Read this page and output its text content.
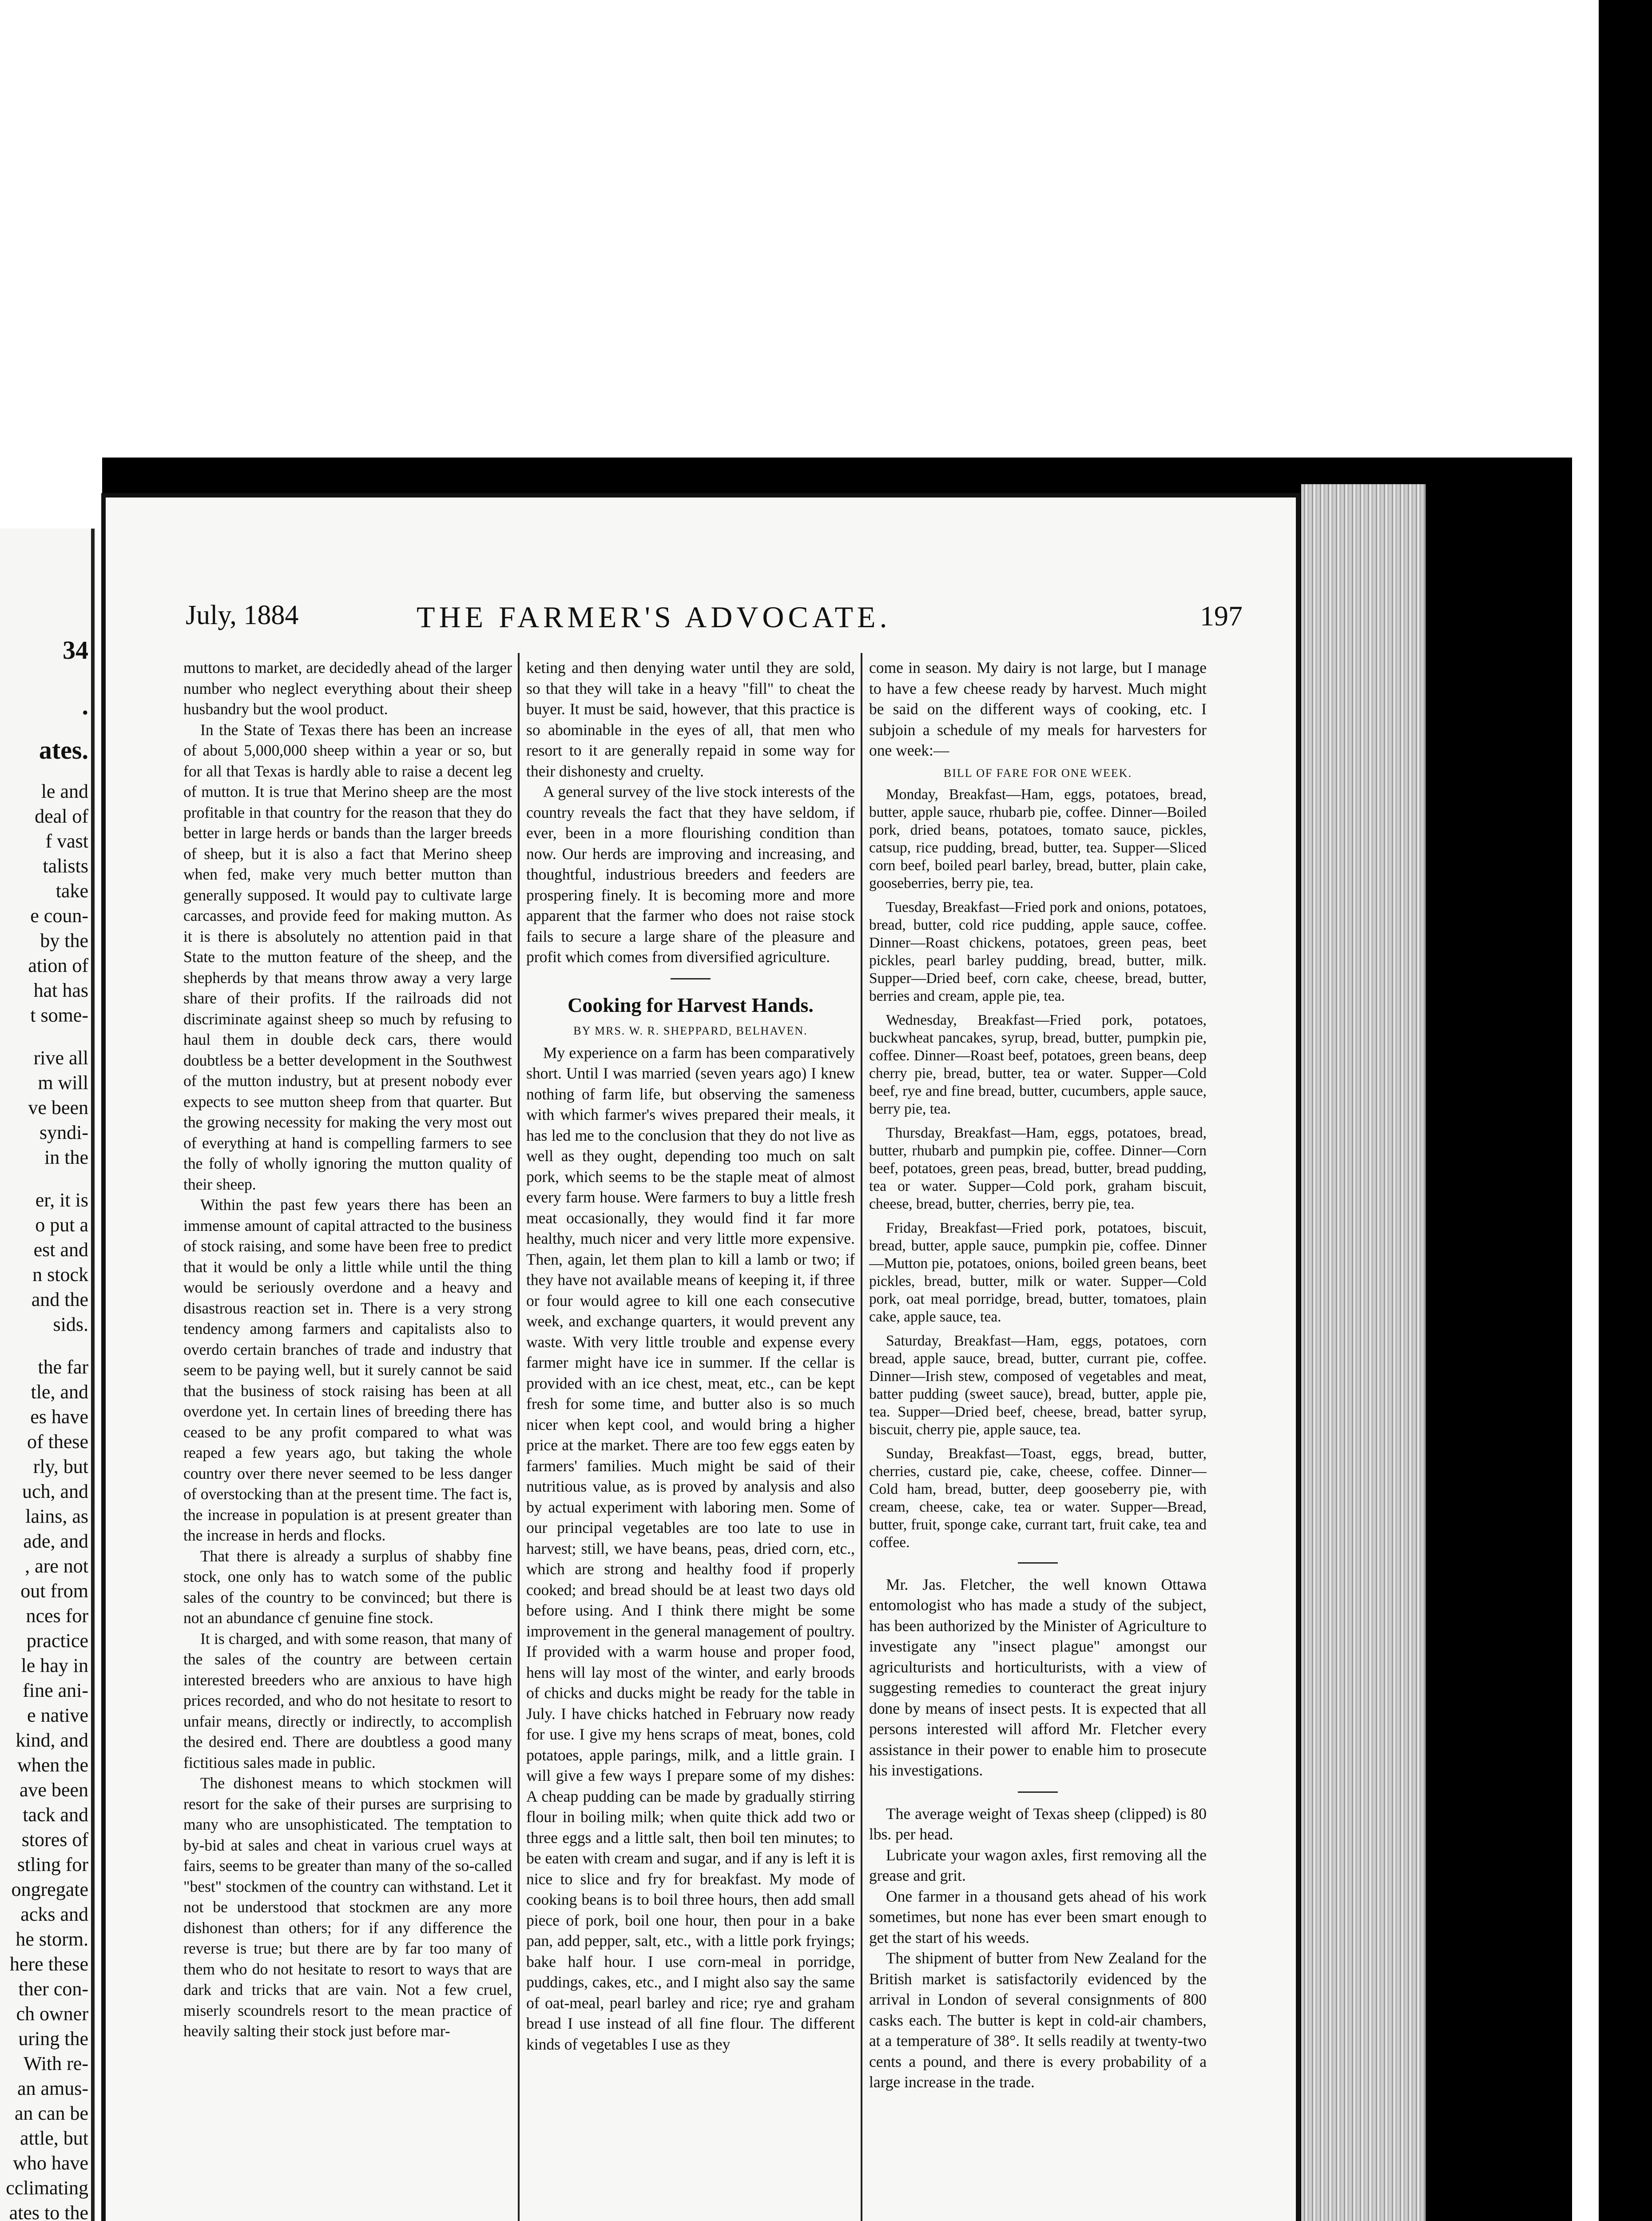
34
.
ates.
le and
deal of
f vast
talists
take
e coun-
by the
ation of
hat has
t some-
rive all
m will
ve been
syndi-
in the
er, it is
o put a
est and
n stock
and the
sids.
the far
tle, and
es have
of these
rly, but
uch, and
lains, as
ade, and
, are not
out from
nces for
practice
le hay in
fine ani-
e native
kind, and
when the
ave been
tack and
stores of
stling for
ongregate
acks and
he storm.
here these
ther con-
ch owner
uring the
With re-
an amus-
an can be
attle, but
who have
cclimating
ates to the
July, 1884	THE FARMER'S ADVOCATE.	197

muttons to market, are decidedly ahead of the larger number who neglect everything about their sheep husbandry but the wool product.

In the State of Texas there has been an increase of about 5,000,000 sheep within a year or so, but for all that Texas is hardly able to raise a decent leg of mutton. It is true that Merino sheep are the most profitable in that country for the reason that they do better in large herds or bands than the larger breeds of sheep, but it is also a fact that Merino sheep when fed, make very much better mutton than generally supposed. It would pay to cultivate large carcasses, and provide feed for making mutton. As it is there is absolutely no attention paid in that State to the mutton feature of the sheep, and the shepherds by that means throw away a very large share of their profits. If the railroads did not discriminate against sheep so much by refusing to haul them in double deck cars, there would doubtless be a better development in the Southwest of the mutton industry, but at present nobody ever expects to see mutton sheep from that quarter. But the growing necessity for making the very most out of everything at hand is compelling farmers to see the folly of wholly ignoring the mutton quality of their sheep.

Within the past few years there has been an immense amount of capital attracted to the business of stock raising, and some have been free to predict that it would be only a little while until the thing would be seriously overdone and a heavy and disastrous reaction set in. There is a very strong tendency among farmers and capitalists also to overdo certain branches of trade and industry that seem to be paying well, but it surely cannot be said that the business of stock raising has been at all overdone yet. In certain lines of breeding there has ceased to be any profit compared to what was reaped a few years ago, but taking the whole country over there never seemed to be less danger of overstocking than at the present time. The fact is, the increase in population is at present greater than the increase in herds and flocks.

That there is already a surplus of shabby fine stock, one only has to watch some of the public sales of the country to be convinced; but there is not an abundance cf genuine fine stock.

It is charged, and with some reason, that many of the sales of the country are between certain interested breeders who are anxious to have high prices recorded, and who do not hesitate to resort to unfair means, directly or indirectly, to accomplish the desired end. There are doubtless a good many fictitious sales made in public.

The dishonest means to which stockmen will resort for the sake of their purses are surprising to many who are unsophisticated. The temptation to by-bid at sales and cheat in various cruel ways at fairs, seems to be greater than many of the so-called "best" stockmen of the country can withstand. Let it not be understood that stockmen are any more dishonest than others; for if any difference the reverse is true; but there are by far too many of them who do not hesitate to resort to ways that are dark and tricks that are vain. Not a few cruel, miserly scoundrels resort to the mean practice of heavily salting their stock just before mar-

keting and then denying water until they are sold, so that they will take in a heavy "fill" to cheat the buyer. It must be said, however, that this practice is so abominable in the eyes of all, that men who resort to it are generally repaid in some way for their dishonesty and cruelty.

A general survey of the live stock interests of the country reveals the fact that they have seldom, if ever, been in a more flourishing condition than now. Our herds are improving and increasing, and thoughtful, industrious breeders and feeders are prospering finely. It is becoming more and more apparent that the farmer who does not raise stock fails to secure a large share of the pleasure and profit which comes from diversified agriculture.

Cooking for Harvest Hands.
BY MRS. W. R. SHEPPARD, BELHAVEN.

My experience on a farm has been comparatively short. Until I was married (seven years ago) I knew nothing of farm life, but observing the sameness with which farmer's wives prepared their meals, it has led me to the conclusion that they do not live as well as they ought, depending too much on salt pork, which seems to be the staple meat of almost every farm house. Were farmers to buy a little fresh meat occasionally, they would find it far more healthy, much nicer and very little more expensive. Then, again, let them plan to kill a lamb or two; if they have not available means of keeping it, if three or four would agree to kill one each consecutive week, and exchange quarters, it would prevent any waste. With very little trouble and expense every farmer might have ice in summer. If the cellar is provided with an ice chest, meat, etc., can be kept fresh for some time, and butter also is so much nicer when kept cool, and would bring a higher price at the market. There are too few eggs eaten by farmers' families. Much might be said of their nutritious value, as is proved by analysis and also by actual experiment with laboring men. Some of our principal vegetables are too late to use in harvest; still, we have beans, peas, dried corn, etc., which are strong and healthy food if properly cooked; and bread should be at least two days old before using. And I think there might be some improvement in the general management of poultry. If provided with a warm house and proper food, hens will lay most of the winter, and early broods of chicks and ducks might be ready for the table in July. I have chicks hatched in February now ready for use. I give my hens scraps of meat, bones, cold potatoes, apple parings, milk, and a little grain. I will give a few ways I prepare some of my dishes: A cheap pudding can be made by gradually stirring flour in boiling milk; when quite thick add two or three eggs and a little salt, then boil ten minutes; to be eaten with cream and sugar, and if any is left it is nice to slice and fry for breakfast. My mode of cooking beans is to boil three hours, then add small piece of pork, boil one hour, then pour in a bake pan, add pepper, salt, etc., with a little pork fryings; bake half hour. I use corn-meal in porridge, puddings, cakes, etc., and I might also say the same of oat-meal, pearl barley and rice; rye and graham bread I use instead of all fine flour. The different kinds of vegetables I use as they

come in season. My dairy is not large, but I manage to have a few cheese ready by harvest. Much might be said on the different ways of cooking, etc. I subjoin a schedule of my meals for harvesters for one week:—

BILL OF FARE FOR ONE WEEK.

Monday, Breakfast—Ham, eggs, potatoes, bread, butter, apple sauce, rhubarb pie, coffee. Dinner—Boiled pork, dried beans, potatoes, tomato sauce, pickles, catsup, rice pudding, bread, butter, tea. Supper—Sliced corn beef, boiled pearl barley, bread, butter, plain cake, gooseberries, berry pie, tea.

Tuesday, Breakfast—Fried pork and onions, potatoes, bread, butter, cold rice pudding, apple sauce, coffee. Dinner—Roast chickens, potatoes, green peas, beet pickles, pearl barley pudding, bread, butter, milk. Supper—Dried beef, corn cake, cheese, bread, butter, berries and cream, apple pie, tea.

Wednesday, Breakfast—Fried pork, potatoes, buckwheat pancakes, syrup, bread, butter, pumpkin pie, coffee. Dinner—Roast beef, potatoes, green beans, deep cherry pie, bread, butter, tea or water. Supper—Cold beef, rye and fine bread, butter, cucumbers, apple sauce, berry pie, tea.

Thursday, Breakfast—Ham, eggs, potatoes, bread, butter, rhubarb and pumpkin pie, coffee. Dinner—Corn beef, potatoes, green peas, bread, butter, bread pudding, tea or water. Supper—Cold pork, graham biscuit, cheese, bread, butter, cherries, berry pie, tea.

Friday, Breakfast—Fried pork, potatoes, biscuit, bread, butter, apple sauce, pumpkin pie, coffee. Dinner—Mutton pie, potatoes, onions, boiled green beans, beet pickles, bread, butter, milk or water. Supper—Cold pork, oat meal porridge, bread, butter, tomatoes, plain cake, apple sauce, tea.

Saturday, Breakfast—Ham, eggs, potatoes, corn bread, apple sauce, bread, butter, currant pie, coffee. Dinner—Irish stew, composed of vegetables and meat, batter pudding (sweet sauce), bread, butter, apple pie, tea. Supper—Dried beef, cheese, bread, batter syrup, biscuit, cherry pie, apple sauce, tea.

Sunday, Breakfast—Toast, eggs, bread, butter, cherries, custard pie, cake, cheese, coffee. Dinner—Cold ham, bread, butter, deep gooseberry pie, with cream, cheese, cake, tea or water. Supper—Bread, butter, fruit, sponge cake, currant tart, fruit cake, tea and coffee.

Mr. Jas. Fletcher, the well known Ottawa entomologist who has made a study of the subject, has been authorized by the Minister of Agriculture to investigate any "insect plague" amongst our agriculturists and horticulturists, with a view of suggesting remedies to counteract the great injury done by means of insect pests. It is expected that all persons interested will afford Mr. Fletcher every assistance in their power to enable him to prosecute his investigations.

The average weight of Texas sheep (clipped) is 80 lbs. per head.

Lubricate your wagon axles, first removing all the grease and grit.

One farmer in a thousand gets ahead of his work sometimes, but none has ever been smart enough to get the start of his weeds.

The shipment of butter from New Zealand for the British market is satisfactorily evidenced by the arrival in London of several consignments of 800 casks each. The butter is kept in cold-air chambers, at a temperature of 38°. It sells readily at twenty-two cents a pound, and there is every probability of a large increase in the trade.
